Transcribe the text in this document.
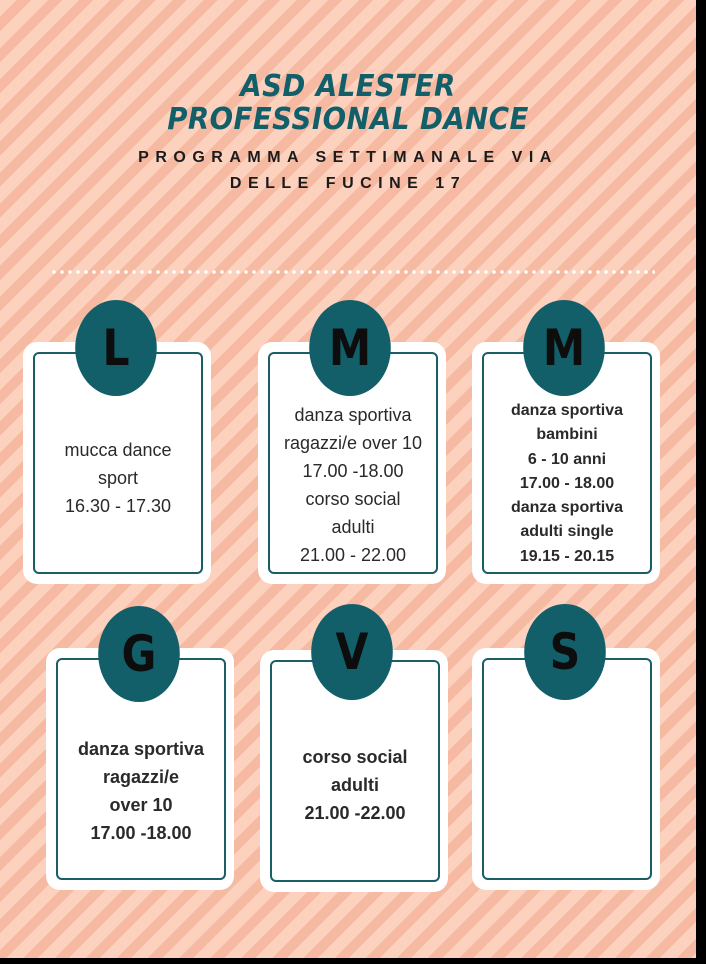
ASD ALESTER
PROFESSIONAL DANCE
PROGRAMMA SETTIMANALE VIA
DELLE FUCINE 17
mucca dance
sport
16.30 - 17.30
L
danza sportiva
ragazzi/e over 10
17.00 -18.00
corso social
adulti
21.00 - 22.00
M
danza sportiva
bambini
6 - 10 anni
17.00 - 18.00
danza sportiva
adulti single
19.15 - 20.15
M
danza sportiva
ragazzi/e
over 10
17.00 -18.00
G
corso social
adulti
21.00 -22.00
V	S
